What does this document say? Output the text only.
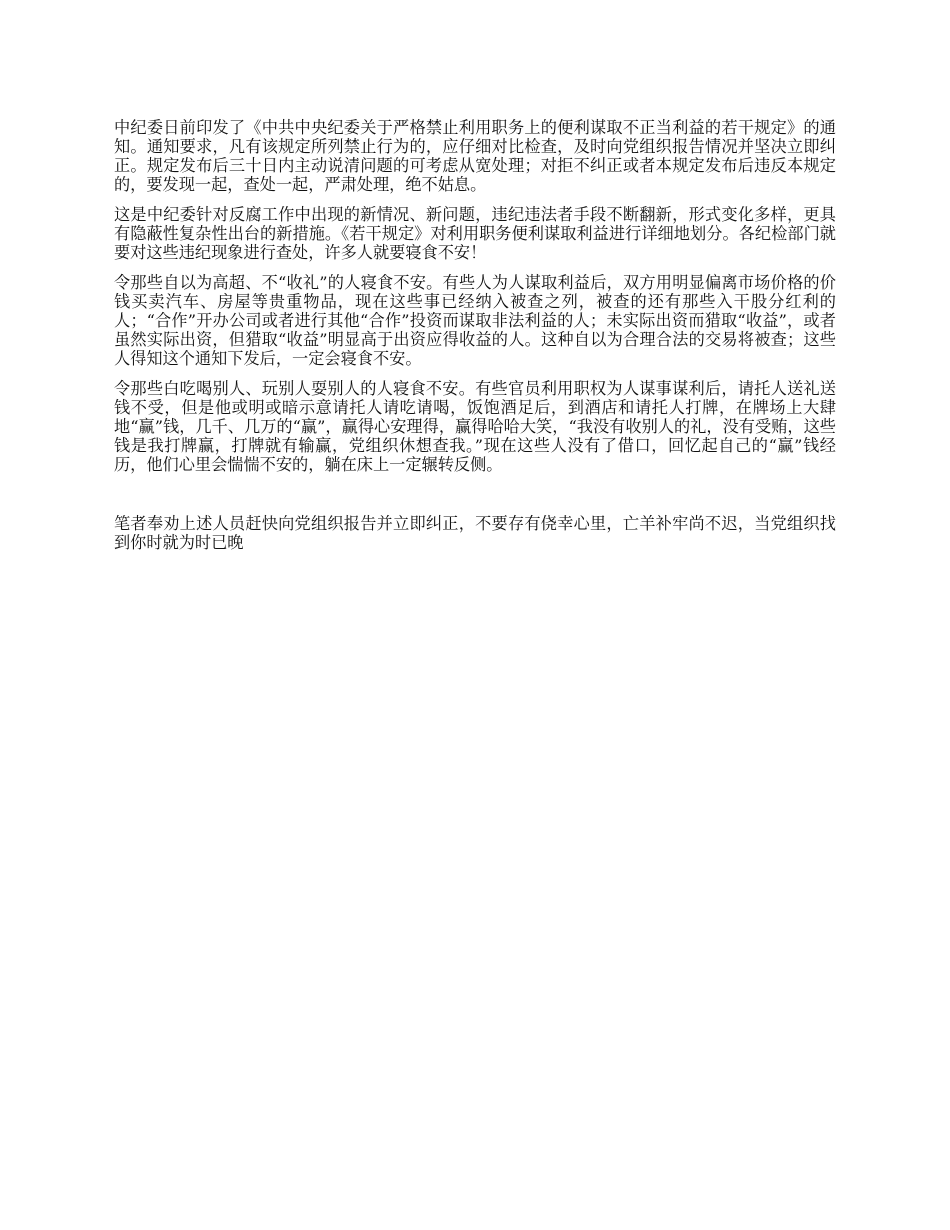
中纪委日前印发了《中共中央纪委关于严格禁止利用职务上的便利谋取不正当利益的若干规定》的通知。通知要求，凡有该规定所列禁止行为的，应仔细对比检查，及时向党组织报告情况并坚决立即纠正。规定发布后三十日内主动说清问题的可考虑从宽处理；对拒不纠正或者本规定发布后违反本规定的，要发现一起，查处一起，严肃处理，绝不姑息。

这是中纪委针对反腐工作中出现的新情况、新问题，违纪违法者手段不断翻新，形式变化多样，更具有隐蔽性复杂性出台的新措施。《若干规定》对利用职务便利谋取利益进行详细地划分。各纪检部门就要对这些违纪现象进行查处，许多人就要寝食不安！

令那些自以为高超、不“收礼”的人寝食不安。有些人为人谋取利益后，双方用明显偏离市场价格的价钱买卖汽车、房屋等贵重物品，现在这些事已经纳入被查之列，被查的还有那些入干股分红利的人；“合作”开办公司或者进行其他“合作”投资而谋取非法利益的人；未实际出资而猎取“收益”，或者虽然实际出资，但猎取“收益”明显高于出资应得收益的人。这种自以为合理合法的交易将被查；这些人得知这个通知下发后，一定会寝食不安。

令那些白吃喝别人、玩别人耍别人的人寝食不安。有些官员利用职权为人谋事谋利后，请托人送礼送钱不受，但是他或明或暗示意请托人请吃请喝，饭饱酒足后，到酒店和请托人打牌，在牌场上大肆地“赢”钱，几千、几万的“赢”，赢得心安理得，赢得哈哈大笑，“我没有收别人的礼，没有受贿，这些钱是我打牌赢，打牌就有输赢，党组织休想查我。”现在这些人没有了借口，回忆起自己的“赢”钱经历，他们心里会惴惴不安的，躺在床上一定辗转反侧。

笔者奉劝上述人员赶快向党组织报告并立即纠正，不要存有侥幸心里，亡羊补牢尚不迟，当党组织找到你时就为时已晚
